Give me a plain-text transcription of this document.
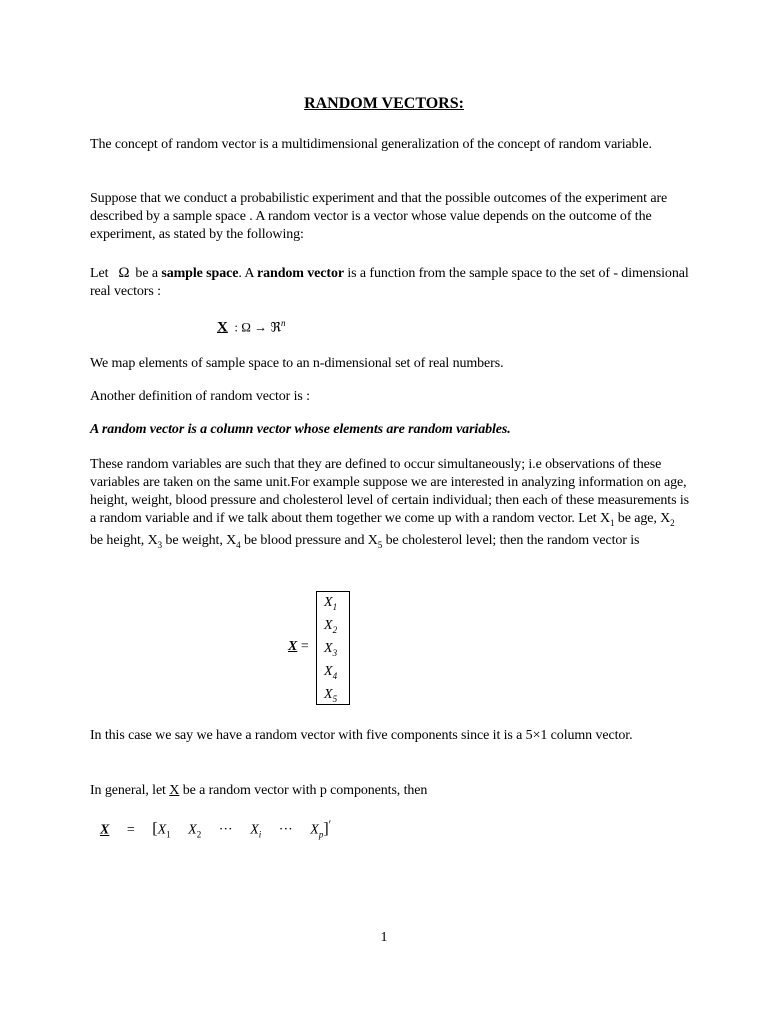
RANDOM VECTORS:
The concept of random vector is a multidimensional generalization of the concept of random variable.
Suppose that we conduct a probabilistic experiment and that the possible outcomes of the experiment are described by a sample space . A random vector is a vector whose value depends on the outcome of the experiment, as stated by the following:
Let Ω be a sample space. A random vector is a function from the sample space to the set of - dimensional real vectors :
X : Ω → ℜ$^n$
We map elements of sample space to an n-dimensional set of real numbers.
Another definition of random vector is :
A random vector is a column vector whose elements are random variables.
These random variables are such that they are defined to occur simultaneously; i.e observations of these variables are taken on the same unit.For example suppose we are interested in analyzing information on age, height, weight, blood pressure and cholesterol level of certain individual; then each of these measurements is a random variable and if we talk about them together we come up with a random vector. Let $X_1$ be age, $X_2$ be height, $X_3$ be weight, $X_4$ be blood pressure and $X_5$ be cholesterol level; then the random vector is
X =
$X_1$
$X_2$
$X_3$
$X_4$
$X_5$
In this case we say we have a random vector with five components since it is a 5×1 column vector.
In general, let X be a random vector with p components, then
$X = [X_1$ $X_2$ ··· $X_i$ ··· $X_p]'$
1
